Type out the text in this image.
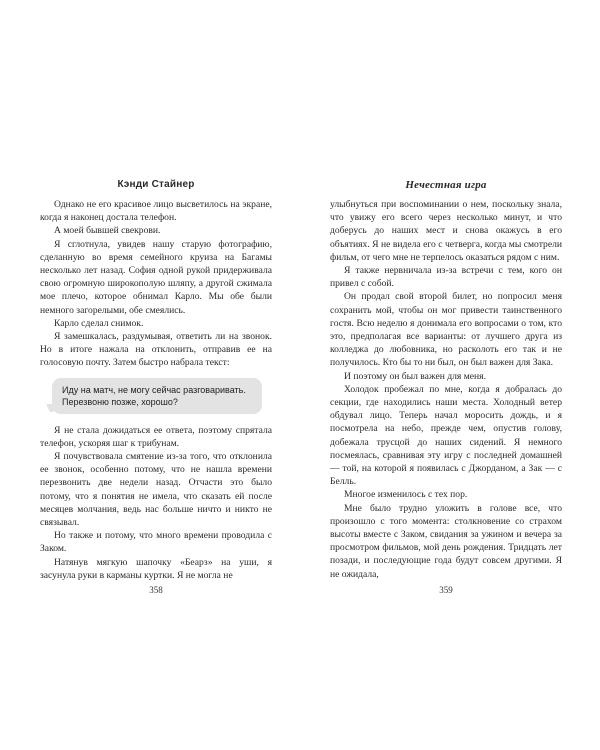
Кэнди Стайнер

Однако не его красивое лицо высветилось на экране, когда я наконец достала телефон.

А моей бывшей свекрови.

Я сглотнула, увидев нашу старую фотографию, сделанную во время семейного круиза на Багамы несколько лет назад. София одной рукой придерживала свою огромную широкополую шляпу, а другой сжимала мое плечо, которое обнимал Карло. Мы обе были немного загорелыми, обе смеялись.

Карло сделал снимок.

Я замешкалась, раздумывая, ответить ли на звонок. Но в итоге нажала на отклонить, отправив ее на голосовую почту. Затем быстро набрала текст:

Иду на матч, не могу сейчас разговаривать.
Перезвоню позже, хорошо?

Я не стала дожидаться ее ответа, поэтому спрятала телефон, ускоряя шаг к трибунам.

Я почувствовала смятение из-за того, что отклонила ее звонок, особенно потому, что не нашла времени перезвонить две недели назад. Отчасти это было потому, что я понятия не имела, что сказать ей после месяцев молчания, ведь нас больше ничто и никто не связывал.

Но также и потому, что много времени проводила с Заком.

Натянув мягкую шапочку «Беарз» на уши, я засунула руки в карманы куртки. Я не могла не

358
Нечестная игра

улыбнуться при воспоминании о нем, поскольку знала, что увижу его всего через несколько минут, и что доберусь до наших мест и снова окажусь в его объятиях. Я не видела его с четверга, когда мы смотрели фильм, от чего мне не терпелось оказаться рядом с ним.

Я также нервничала из-за встречи с тем, кого он привел с собой.

Он продал свой второй билет, но попросил меня сохранить мой, чтобы он мог привести таинственного гостя. Всю неделю я донимала его вопросами о том, кто это, предполагая все варианты: от лучшего друга из колледжа до любовника, но расколоть его так и не получилось. Кто бы то ни был, он был важен для Зака.

И поэтому он был важен для меня.

Холодок пробежал по мне, когда я добралась до секции, где находились наши места. Холодный ветер обдувал лицо. Теперь начал моросить дождь, и я посмотрела на небо, прежде чем, опустив голову, добежала трусцой до наших сидений. Я немного посмеялась, сравнивая эту игру с последней домашней — той, на которой я появилась с Джорданом, а Зак — с Белль.

Многое изменилось с тех пор.

Мне было трудно уложить в голове все, что произошло с того момента: столкновение со страхом высоты вместе с Заком, свидания за ужином и вечера за просмотром фильмов, мой день рождения. Тридцать лет позади, и последующие года будут совсем другими. Я не ожидала,

359
